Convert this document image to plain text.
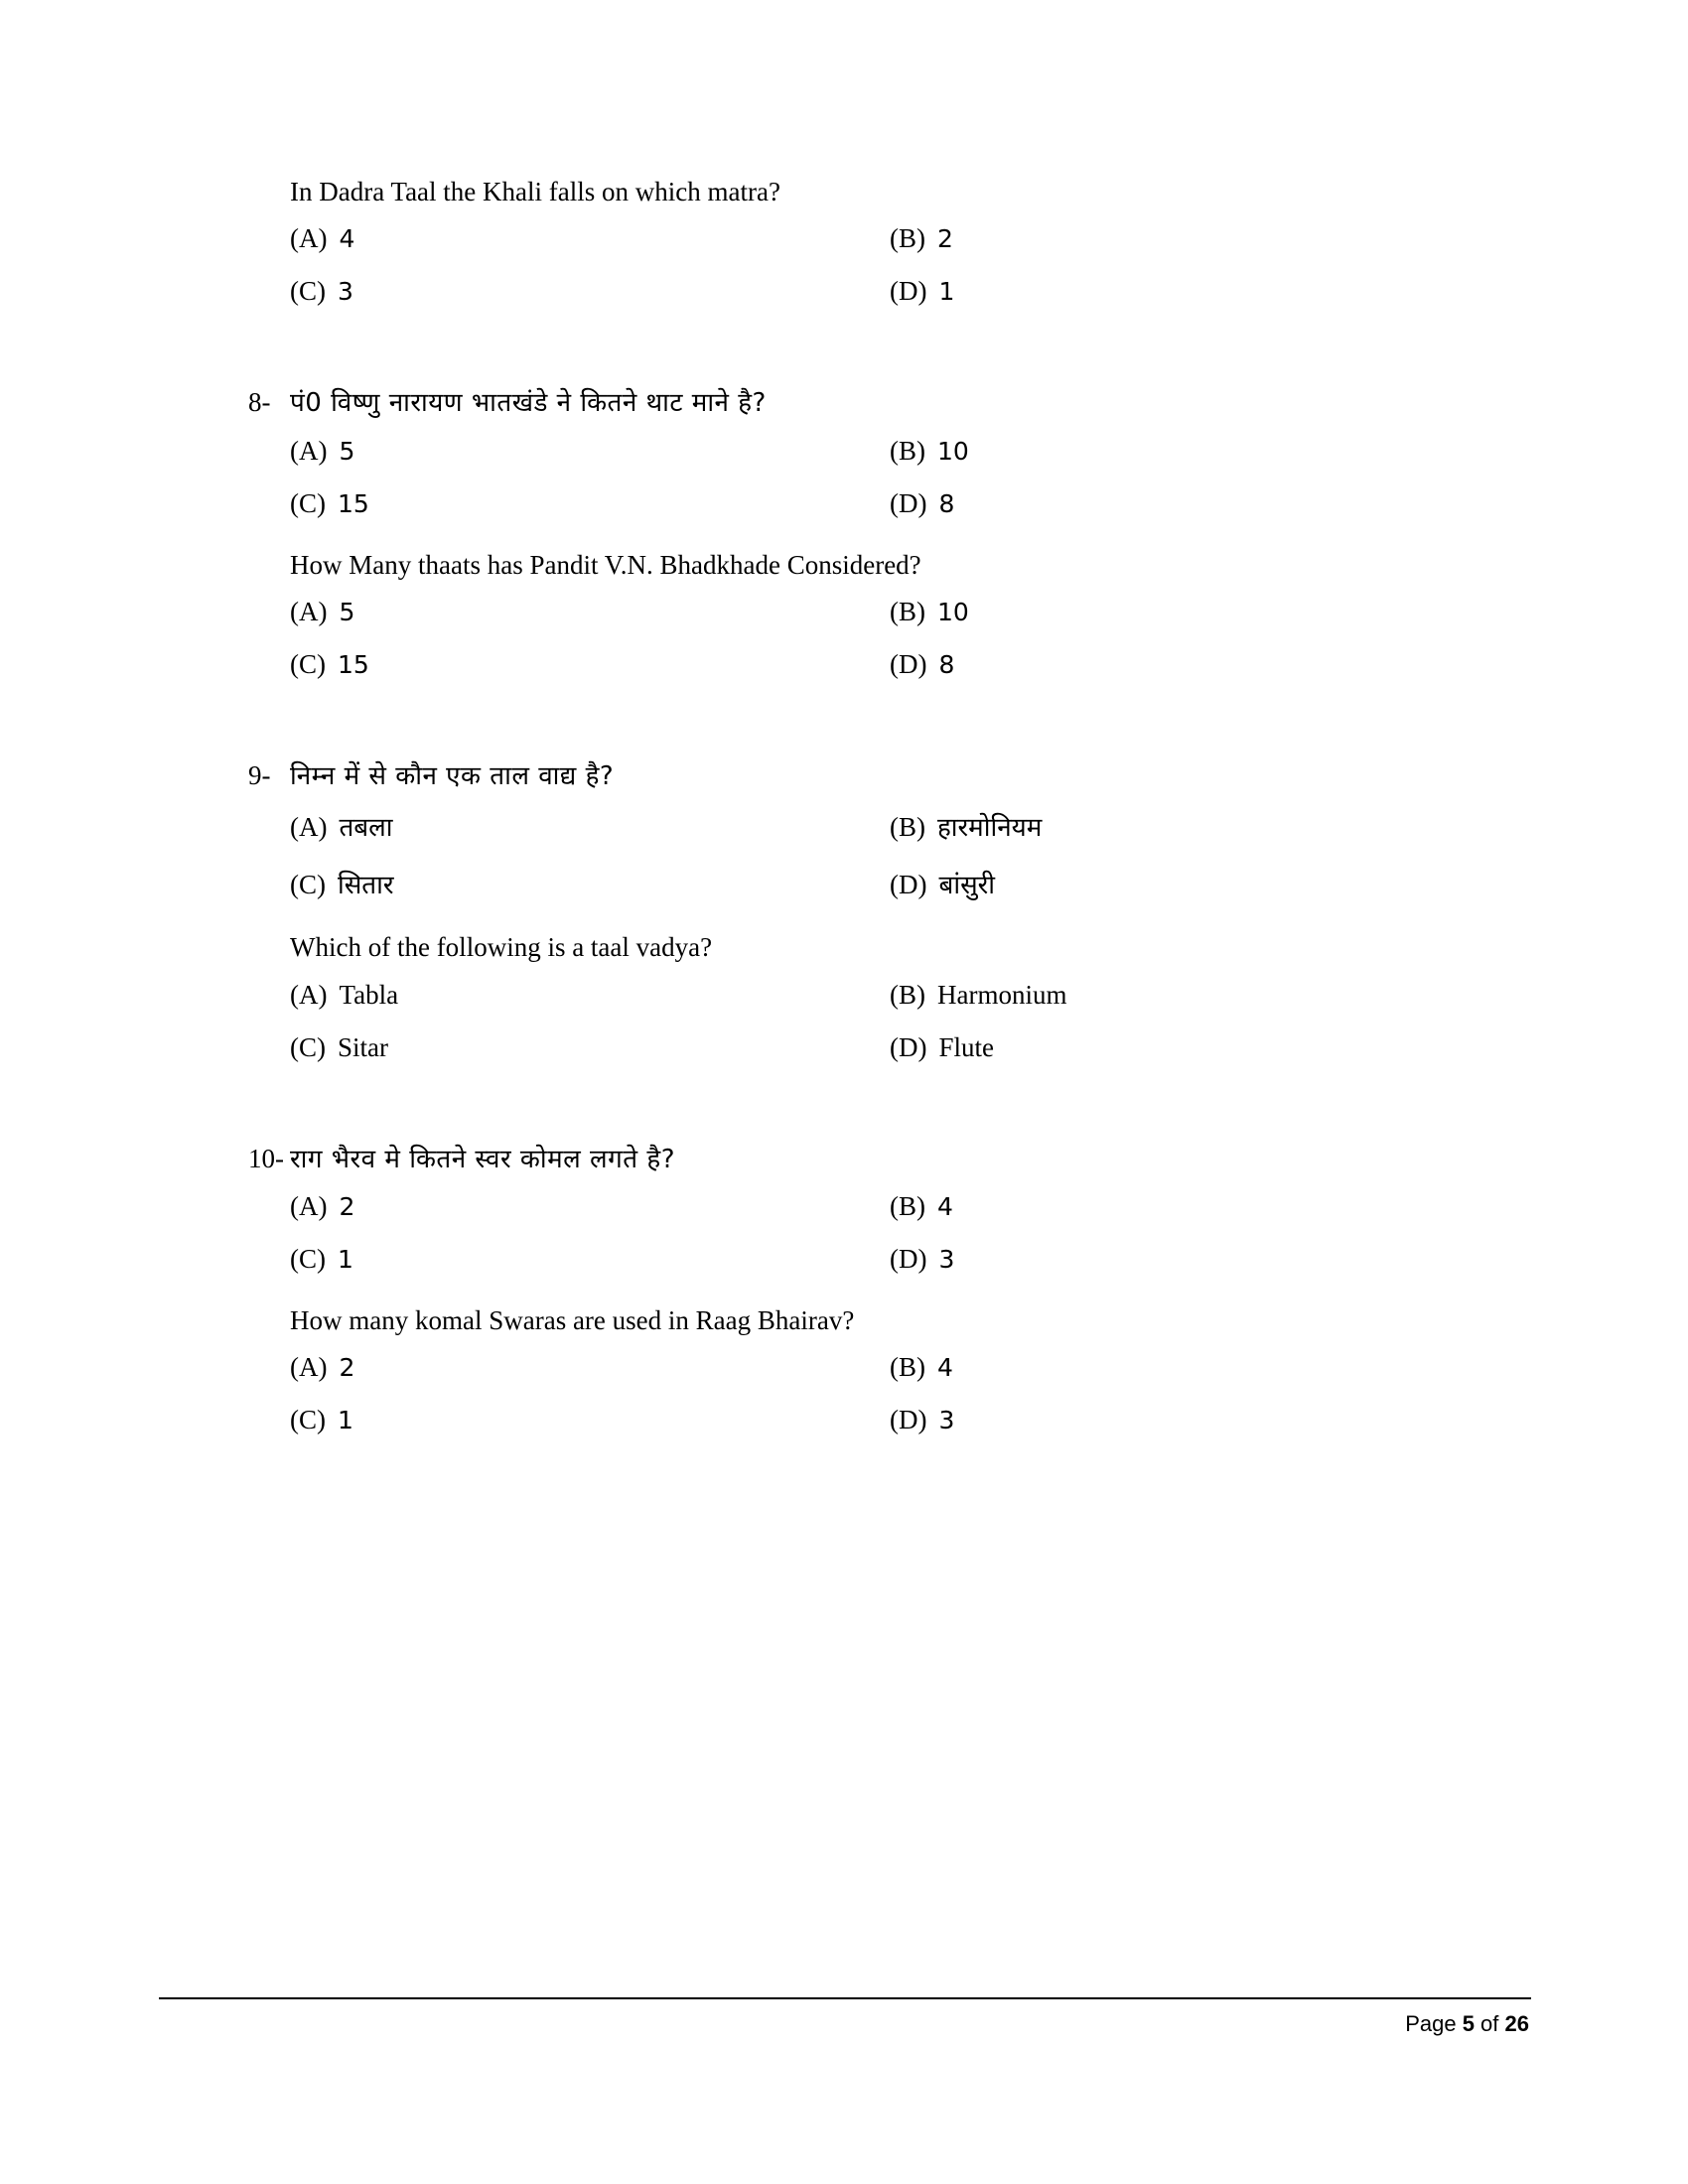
In Dadra Taal the Khali falls on which matra?
(A) 4	(B) 2
(C) 3	(D) 1
8- पं0 विष्णु नारायण भातखंडे ने कितने थाट माने है?
(A) 5	(B) 10
(C) 15	(D) 8
How Many thaats has Pandit V.N. Bhadkhade Considered?
(A) 5	(B) 10
(C) 15	(D) 8
9- निम्न में से कौन एक ताल वाद्य है?
(A) तबला	(B) हारमोनियम
(C) सितार	(D) बांसुरी
Which of the following is a taal vadya?
(A) Tabla	(B) Harmonium
(C) Sitar	(D) Flute
10- राग भैरव मे कितने स्वर कोमल लगते है?
(A) 2	(B) 4
(C) 1	(D) 3
How many komal Swaras are used in Raag Bhairav?
(A) 2	(B) 4
(C) 1	(D) 3
Page 5 of 26
